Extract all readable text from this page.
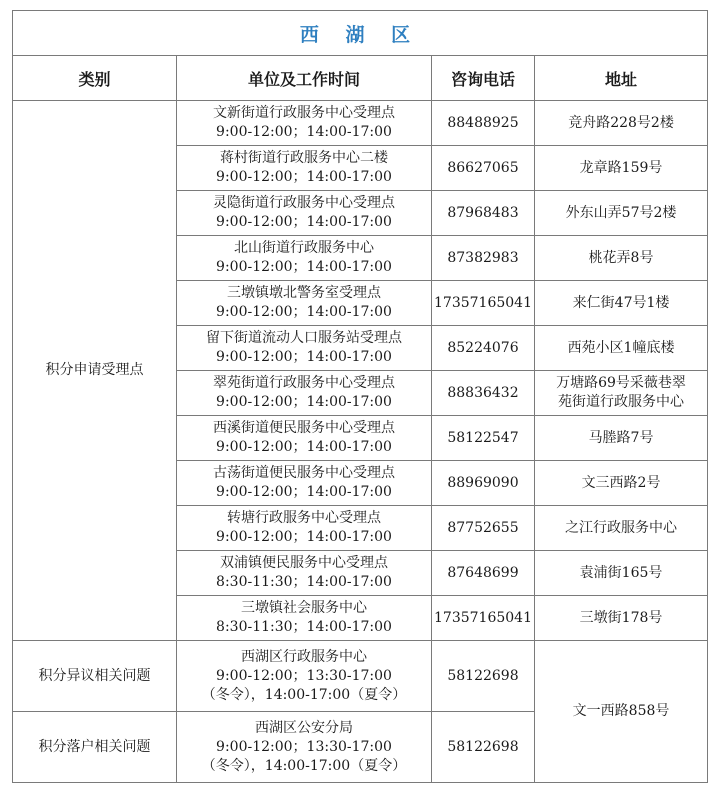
西 湖 区			
类别	单位及工作时间	咨询电话	地址
积分申请受理点	文新街道行政服务中心受理点
9:00-12:00；14:00-17:00	88488925	竞舟路228号2楼

	蒋村街道行政服务中心二楼
9:00-12:00；14:00-17:00	86627065	龙章路159号

	灵隐街道行政服务中心受理点
9:00-12:00；14:00-17:00	87968483	外东山弄57号2楼

	北山街道行政服务中心
9:00-12:00；14:00-17:00	87382983	桃花弄8号

	三墩镇墩北警务室受理点
9:00-12:00；14:00-17:00	17357165041	来仁街47号1楼

	留下街道流动人口服务站受理点
9:00-12:00；14:00-17:00	85224076	西苑小区1幢底楼

	翠苑街道行政服务中心受理点
9:00-12:00；14:00-17:00	88836432	万塘路69号采薇巷翠
苑街道行政服务中心

	西溪街道便民服务中心受理点
9:00-12:00；14:00-17:00	58122547	马塍路7号

	古荡街道便民服务中心受理点
9:00-12:00；14:00-17:00	88969090	文三西路2号

	转塘行政服务中心受理点
9:00-12:00；14:00-17:00	87752655	之江行政服务中心

	双浦镇便民服务中心受理点
8:30-11:30；14:00-17:00	87648699	袁浦街165号

	三墩镇社会服务中心
8:30-11:30；14:00-17:00	17357165041	三墩街178号

积分异议相关问题	西湖区行政服务中心
9:00-12:00；13:30-17:00
（冬令），14:00-17:00（夏令）	58122698	文一西路858号
积分落户相关问题	西湖区公安分局
9:00-12:00；13:30-17:00
（冬令），14:00-17:00（夏令）	58122698	
